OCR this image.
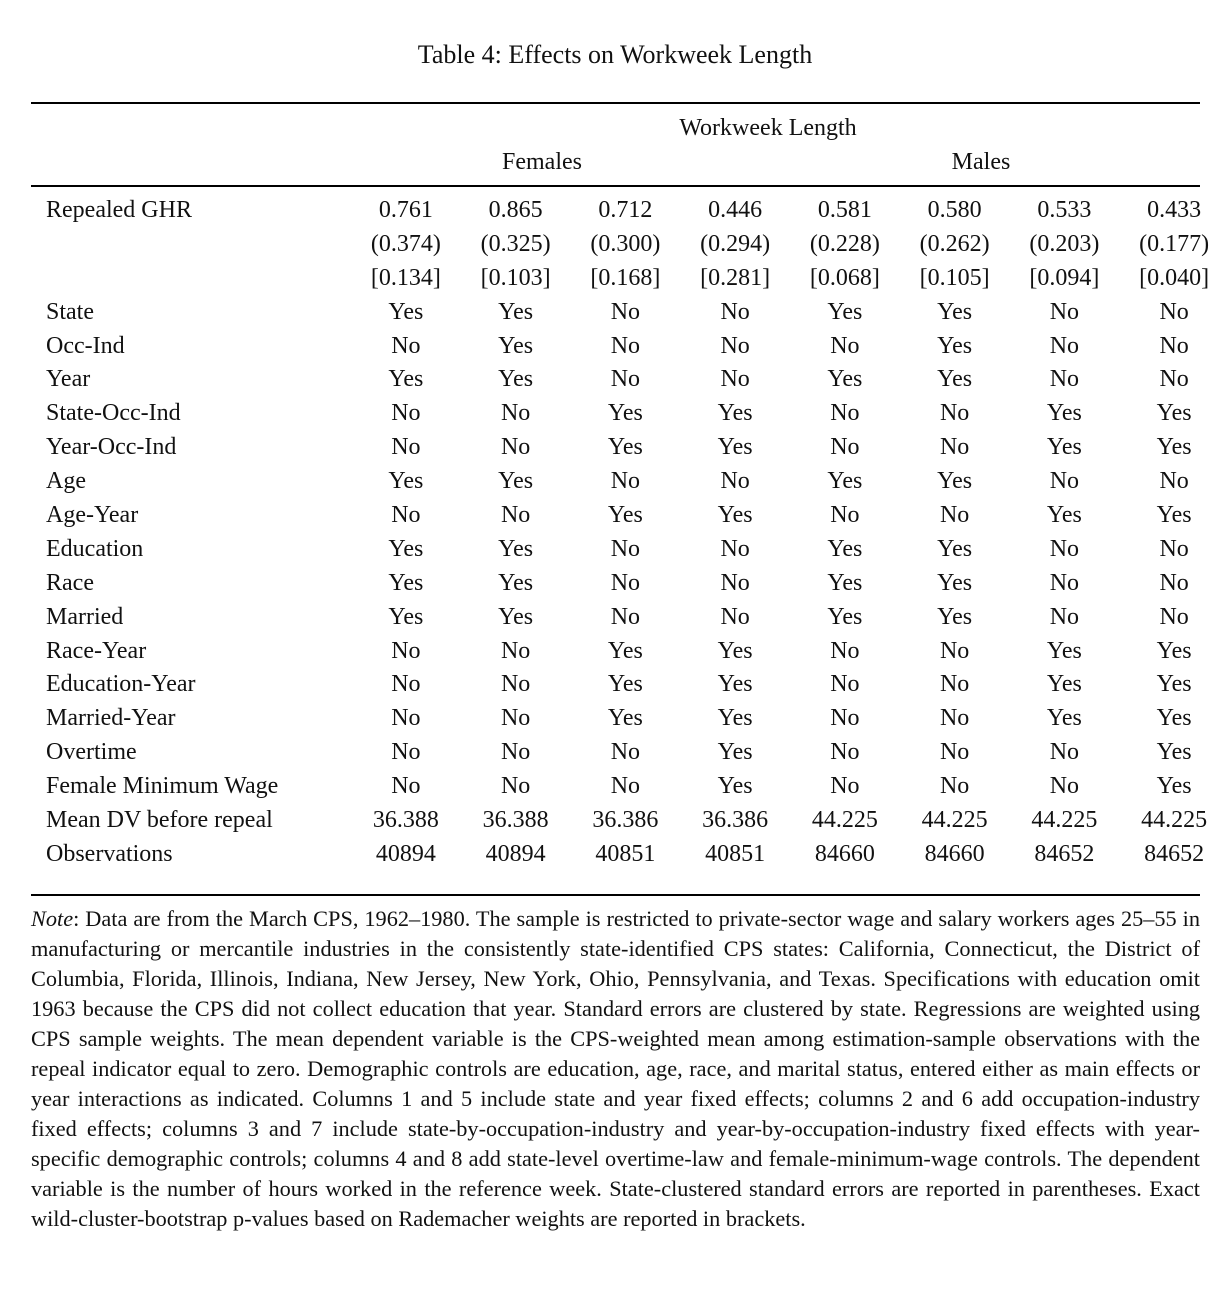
Table 4: Effects on Workweek Length
Workweek Length
Females	Males
Repealed GHR	0.761	0.865	0.712	0.446	0.581	0.580	0.533	0.433
	(0.374)	(0.325)	(0.300)	(0.294)	(0.228)	(0.262)	(0.203)	(0.177)
	[0.134]	[0.103]	[0.168]	[0.281]	[0.068]	[0.105]	[0.094]	[0.040]
State	Yes	Yes	No	No	Yes	Yes	No	No
Occ-Ind	No	Yes	No	No	No	Yes	No	No
Year	Yes	Yes	No	No	Yes	Yes	No	No
State-Occ-Ind	No	No	Yes	Yes	No	No	Yes	Yes
Year-Occ-Ind	No	No	Yes	Yes	No	No	Yes	Yes
Age	Yes	Yes	No	No	Yes	Yes	No	No
Age-Year	No	No	Yes	Yes	No	No	Yes	Yes
Education	Yes	Yes	No	No	Yes	Yes	No	No
Race	Yes	Yes	No	No	Yes	Yes	No	No
Married	Yes	Yes	No	No	Yes	Yes	No	No
Race-Year	No	No	Yes	Yes	No	No	Yes	Yes
Education-Year	No	No	Yes	Yes	No	No	Yes	Yes
Married-Year	No	No	Yes	Yes	No	No	Yes	Yes
Overtime	No	No	No	Yes	No	No	No	Yes
Female Minimum Wage	No	No	No	Yes	No	No	No	Yes
Mean DV before repeal	36.388	36.388	36.386	36.386	44.225	44.225	44.225	44.225
Observations	40894	40894	40851	40851	84660	84660	84652	84652
Note: Data are from the March CPS, 1962–1980. The sample is restricted to private-sector wage and salary workers ages 25–55 in manufacturing or mercantile industries in the consistently state-identified CPS states: California, Connecticut, the District of Columbia, Florida, Illinois, Indiana, New Jersey, New York, Ohio, Pennsylvania, and Texas. Specifications with education omit 1963 because the CPS did not collect education that year. Standard errors are clustered by state. Regressions are weighted using CPS sample weights. The mean dependent variable is the CPS-weighted mean among estimation-sample observations with the repeal indicator equal to zero. Demographic controls are education, age, race, and marital status, entered either as main effects or year interactions as indicated. Columns 1 and 5 include state and year fixed effects; columns 2 and 6 add occupation-industry fixed effects; columns 3 and 7 include state-by-occupation-industry and year-by-occupation-industry fixed effects with year-specific demographic controls; columns 4 and 8 add state-level overtime-law and female-minimum-wage controls. The dependent variable is the number of hours worked in the reference week. State-clustered standard errors are reported in parentheses. Exact wild-cluster-bootstrap p-values based on Rademacher weights are reported in brackets.
